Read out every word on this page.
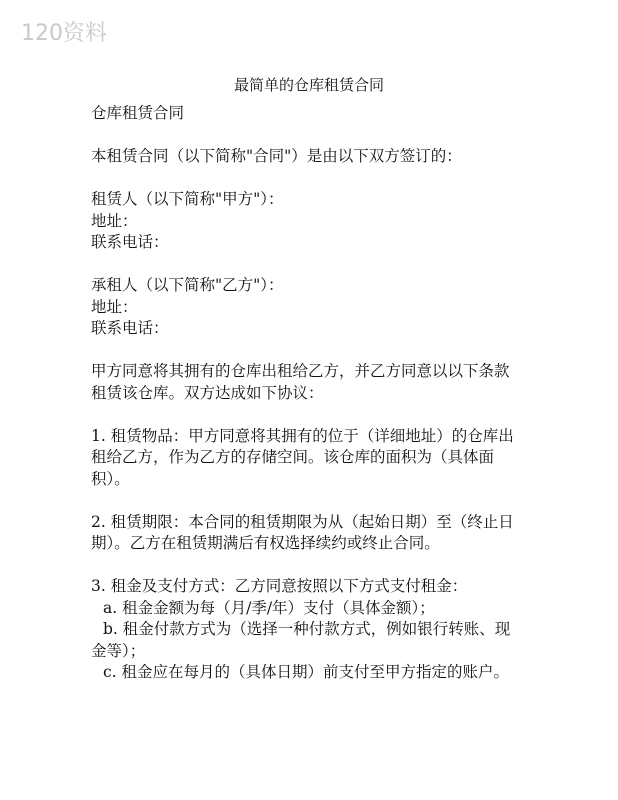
120资料
最简单的仓库租赁合同
仓库租赁合同
本租赁合同（以下简称"合同"）是由以下双方签订的：
租赁人（以下简称"甲方"）：
地址：
联系电话：
承租人（以下简称"乙方"）：
地址：
联系电话：
甲方同意将其拥有的仓库出租给乙方，并乙方同意以以下条款
租赁该仓库。双方达成如下协议：
1. 租赁物品：甲方同意将其拥有的位于（详细地址）的仓库出
租给乙方，作为乙方的存储空间。该仓库的面积为（具体面
积）。
2. 租赁期限：本合同的租赁期限为从（起始日期）至（终止日
期）。乙方在租赁期满后有权选择续约或终止合同。
3. 租金及支付方式：乙方同意按照以下方式支付租金：
a. 租金金额为每（月/季/年）支付（具体金额）；
b. 租金付款方式为（选择一种付款方式，例如银行转账、现
金等）；
c. 租金应在每月的（具体日期）前支付至甲方指定的账户。
